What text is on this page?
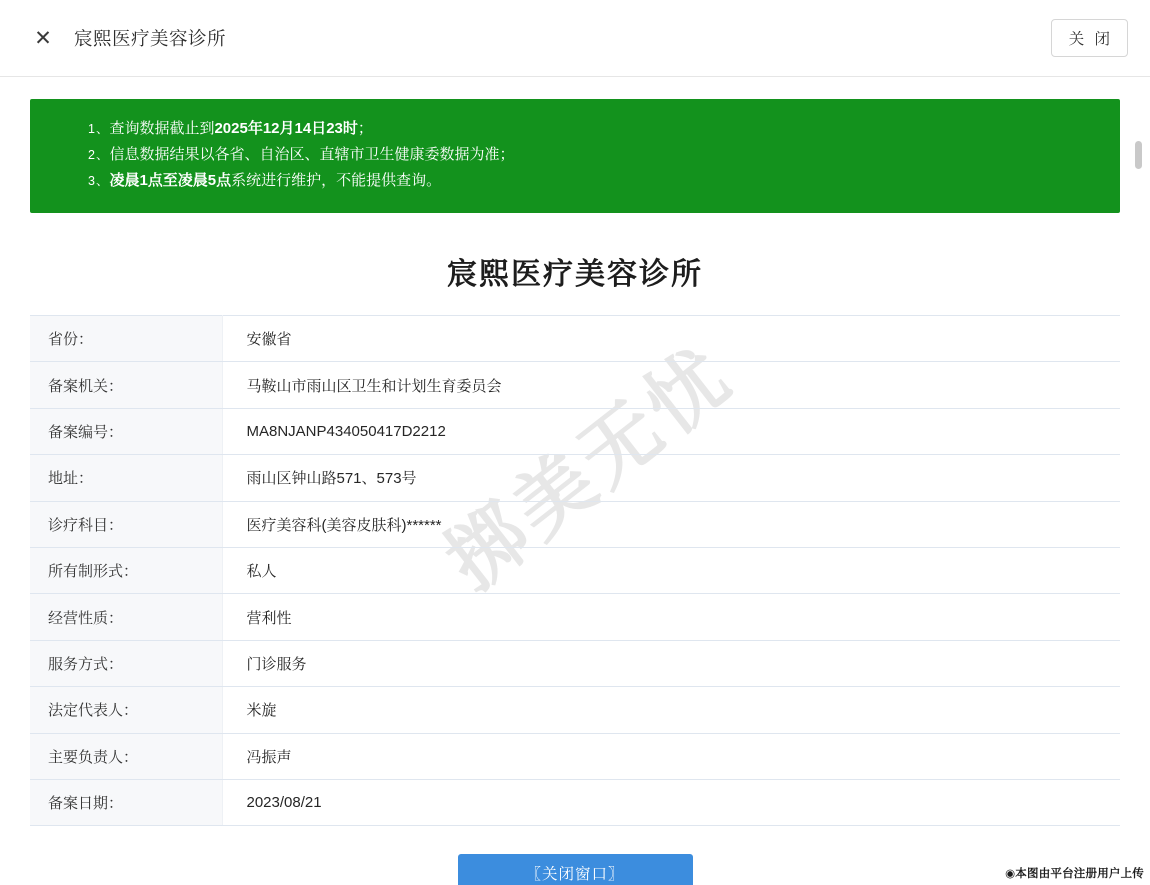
✕ 宸熙医疗美容诊所	关 闭
1、查询数据截止到2025年12月14日23时；
2、信息数据结果以各省、自治区、直辖市卫生健康委数据为准；
3、凌晨1点至凌晨5点系统进行维护，不能提供查询。
宸熙医疗美容诊所
掷美无忧
省份：	安徽省
备案机关：	马鞍山市雨山区卫生和计划生育委员会
备案编号：	MA8NJANP434050417D2212
地址：	雨山区钟山路571、573号
诊疗科目：	医疗美容科(美容皮肤科)******
所有制形式：	私人
经营性质：	营利性
服务方式：	门诊服务
法定代表人：	米旋
主要负责人：	冯振声
备案日期：	2023/08/21
〖关闭窗口〗	◉本图由平台注册用户上传
